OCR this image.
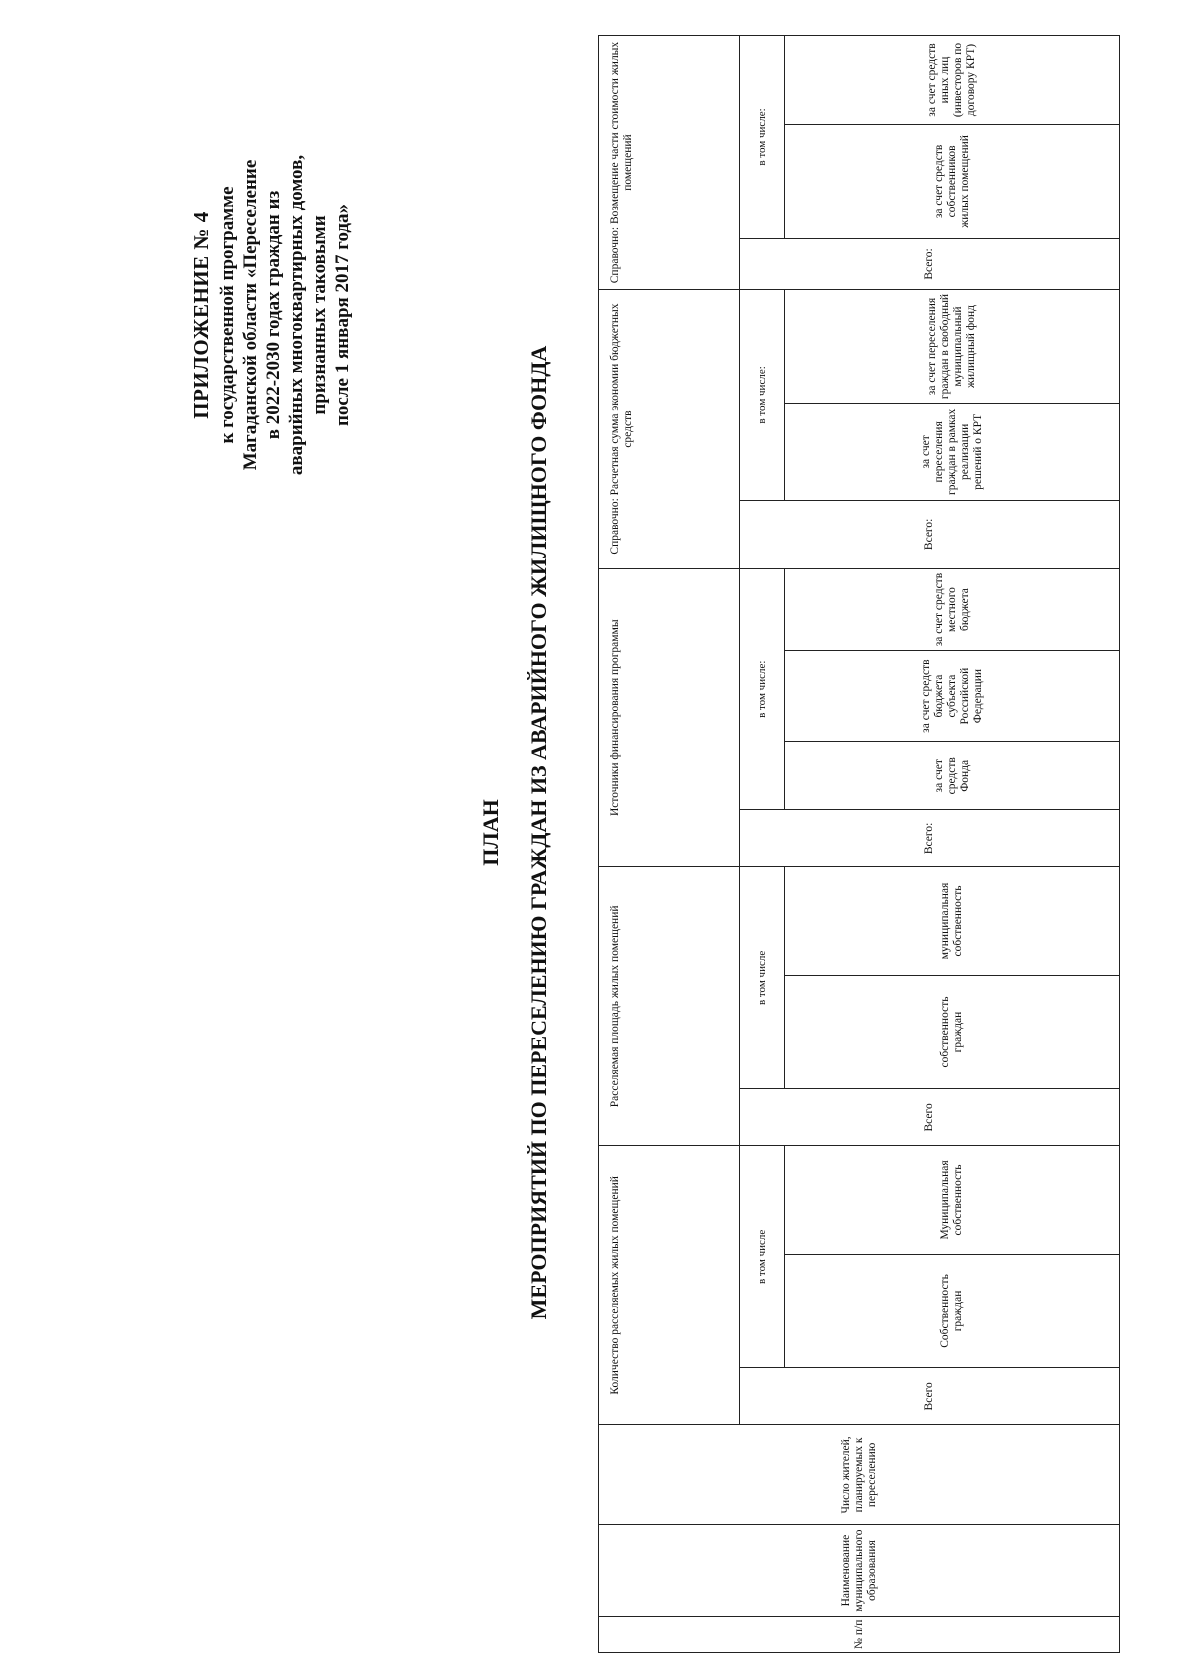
ПРИЛОЖЕНИЕ № 4 к государственной программе Магаданской области «Переселение в 2022-2030 годах граждан из аварийных многоквартирных домов, признанных таковыми после 1 января 2017 года»
ПЛАН МЕРОПРИЯТИЙ ПО ПЕРЕСЕЛЕНИЮ ГРАЖДАН ИЗ АВАРИЙНОГО ЖИЛИЩНОГО ФОНДА
№ п/п	Наименование муниципального образования	Число жителей, планируемых к переселению	Количество расселяемых жилых помещений			Расселяемая площадь жилых помещений			Источники финансирования программы				Справочно: Расчетная сумма экономии бюджетных средств			Справочно: Возмещение части стоимости жилых помещений		
			Всего	в том числе		Всего	в том числе		Всего:	в том числе:			Всего:	в том числе:		Всего:	в том числе:	
				Собственность граждан	Муниципальная собственность		собственность граждан	муниципальная собственность		за счет средств Фонда	за счет средств бюджета субъекта Российской Федерации	за счет средств местного бюджета		за счет переселения граждан в рамках реализации решений о КРТ	за счет переселения граждан в свободный муниципальный жилищный фонд		за счет средств собственников жилых помещений	за счет средств иных лиц (инвесторов по договору КРТ)
